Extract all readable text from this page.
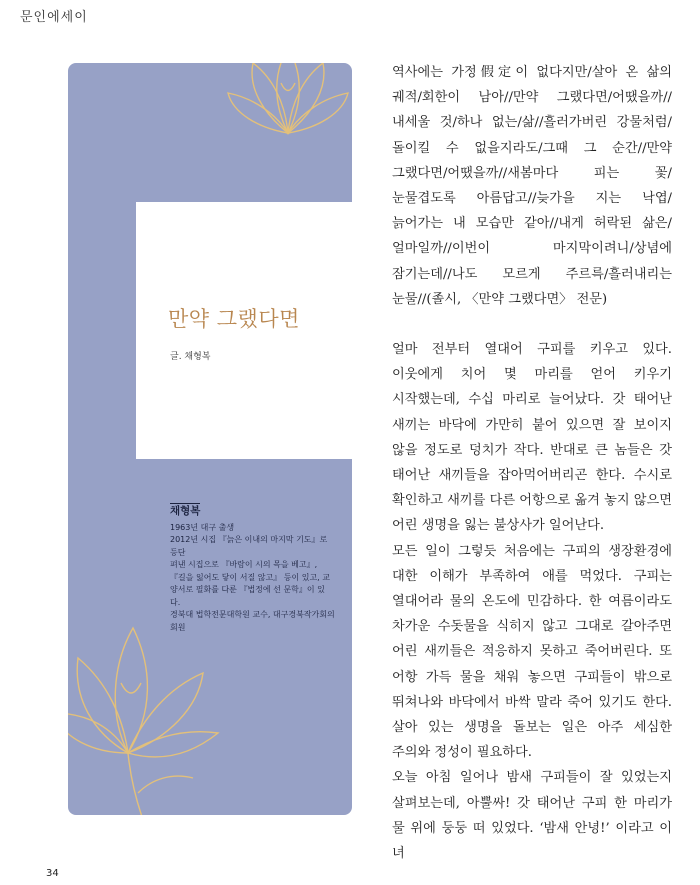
문인에세이
만약 그랬다면
글. 채형복
채형복

1963년 대구 출생

2012년 시집 『늙은 이내의 마지막 기도』로 등단

펴낸 시집으로 『바람이 시의 목을 베고』, 『길을 잃어도 닿이 서질 않고』 등이 있고, 교양서로 필화를 다룬 『법정에 선 문학』이 있다.

경북대 법학전문대학원 교수, 대구경북작가회의 회원

역사에는 가정假定이 없다지만/살아 온 삶의 궤적/회한이 남아//만약 그랬다면/어땠을까//내세울 것/하나 없는/삶//흘러가버린 강물처럼/돌이킬 수 없을지라도/그때 그 순간//만약 그랬다면/어땠을까//새봄마다 피는 꽃/눈물겹도록 아름답고//늦가을 지는 낙엽/늙어가는 내 모습만 같아//내게 허락된 삶은/얼마일까//이번이 마지막이려니/상념에 잠기는데//나도 모르게 주르륵/흘러내리는 눈물//(졸시, 〈만약 그랬다면〉 전문)

얼마 전부터 열대어 구피를 키우고 있다. 이웃에게 치어 몇 마리를 얻어 키우기 시작했는데, 수십 마리로 늘어났다. 갓 태어난 새끼는 바닥에 가만히 붙어 있으면 잘 보이지 않을 정도로 덩치가 작다. 반대로 큰 놈들은 갓 태어난 새끼들을 잡아먹어버리곤 한다. 수시로 확인하고 새끼를 다른 어항으로 옮겨 놓지 않으면 어린 생명을 잃는 불상사가 일어난다.

모든 일이 그렇듯 처음에는 구피의 생장환경에 대한 이해가 부족하여 애를 먹었다. 구피는 열대어라 물의 온도에 민감하다. 한 여름이라도 차가운 수돗물을 식히지 않고 그대로 갈아주면 어린 새끼들은 적응하지 못하고 죽어버린다. 또 어항 가득 물을 채워 놓으면 구피들이 밖으로 뛰쳐나와 바닥에서 바싹 말라 죽어 있기도 한다. 살아 있는 생명을 돌보는 일은 아주 세심한 주의와 정성이 필요하다.

오늘 아침 일어나 밤새 구피들이 잘 있었는지 살펴보는데, 아뿔싸! 갓 태어난 구피 한 마리가 물 위에 둥둥 떠 있었다. ‘밤새 안녕!’ 이라고 이 녀

34
